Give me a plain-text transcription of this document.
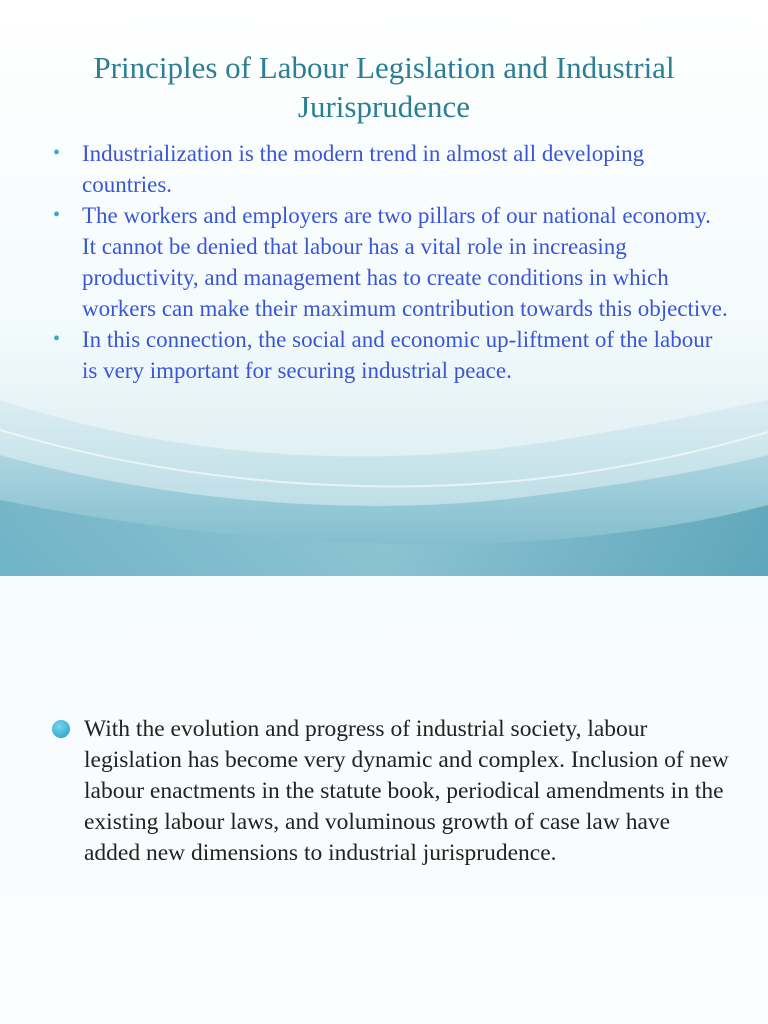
Principles of Labour Legislation and Industrial Jurisprudence
• Industrialization is the modern trend in almost all developing countries.
• The workers and employers are two pillars of our national economy. It cannot be denied that labour has a vital role in increasing productivity, and management has to create conditions in which workers can make their maximum contribution towards this objective.
• In this connection, the social and economic up-liftment of the labour is very important for securing industrial peace.
With the evolution and progress of industrial society, labour legislation has become very dynamic and complex. Inclusion of new labour enactments in the statute book, periodical amendments in the existing labour laws, and voluminous growth of case law have added new dimensions to industrial jurisprudence.
